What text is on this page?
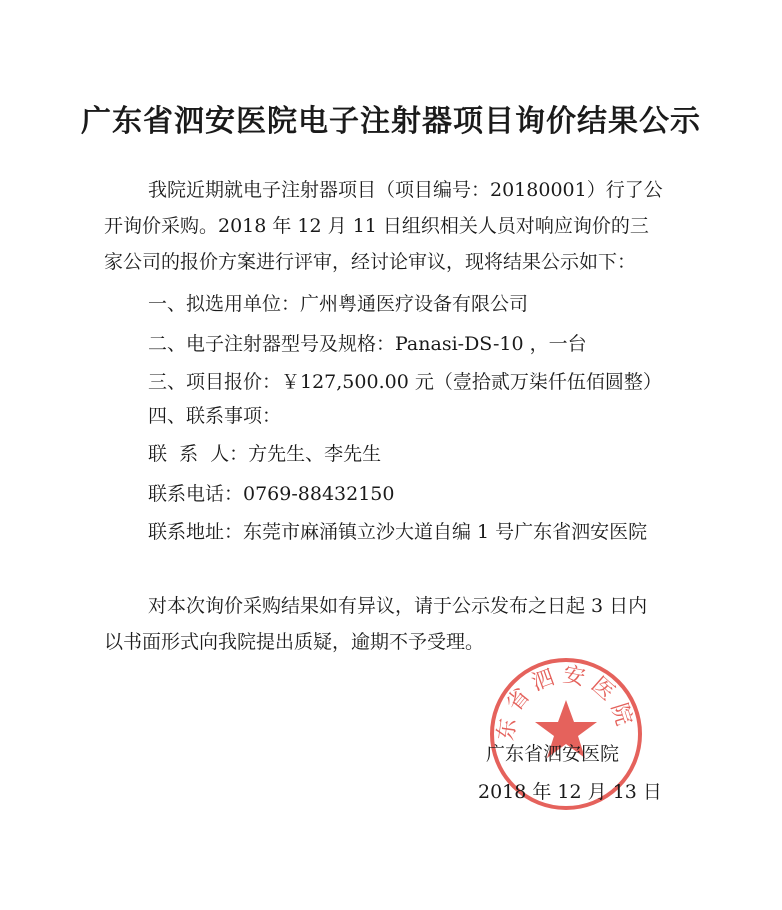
广东省泗安医院电子注射器项目询价结果公示
我院近期就电子注射器项目（项目编号：20180001）行了公
开询价采购。2018 年 12 月 11 日组织相关人员对响应询价的三
家公司的报价方案进行评审，经讨论审议，现将结果公示如下：
一、拟选用单位：广州粤通医疗设备有限公司
二、电子注射器型号及规格：Panasi-DS-10 ，一台
三、项目报价：￥127,500.00 元（壹拾贰万柒仟伍佰圆整）
四、联系事项：
联  系  人：方先生、李先生
联系电话：0769-88432150
联系地址：东莞市麻涌镇立沙大道自编 1 号广东省泗安医院
对本次询价采购结果如有异议，请于公示发布之日起 3 日内
以书面形式向我院提出质疑，逾期不予受理。
东省泗安医院
广东省泗安医院
2018 年 12 月 13 日
